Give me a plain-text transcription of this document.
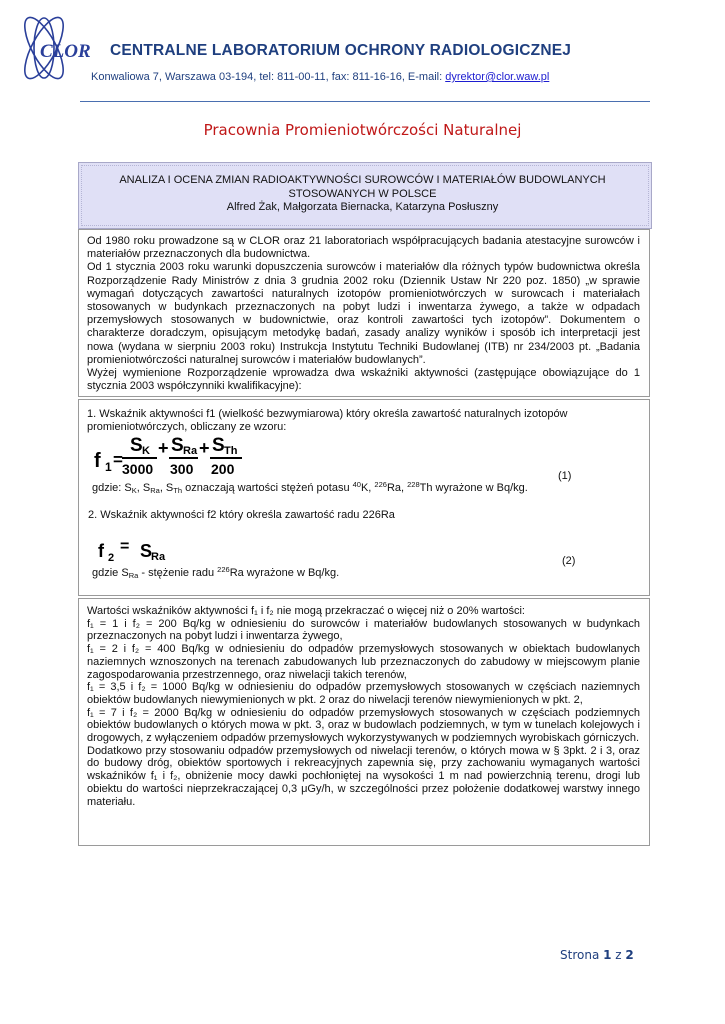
CLOR CENTRALNE LABORATORIUM OCHRONY RADIOLOGICZNEJ
Konwaliowa 7, Warszawa 03-194, tel: 811-00-11, fax: 811-16-16, E-mail: dyrektor@clor.waw.pl
Pracownia Promieniotwórczości Naturalnej
ANALIZA I OCENA ZMIAN RADIOAKTYWNOŚCI SUROWCÓW I MATERIAŁÓW BUDOWLANYCH STOSOWANYCH W POLSCE
Alfred Żak, Małgorzata Biernacka, Katarzyna Posłuszny
Od 1980 roku prowadzone są w CLOR oraz 21 laboratoriach współpracujących badania atestacyjne surowców i materiałów przeznaczonych dla budownictwa.
Od 1 stycznia 2003 roku warunki dopuszczenia surowców i materiałów dla różnych typów budownictwa określa Rozporządzenie Rady Ministrów z dnia 3 grudnia 2002 roku (Dziennik Ustaw Nr 220 poz. 1850) „w sprawie wymagań dotyczących zawartości naturalnych izotopów promieniotwórczych w surowcach i materiałach stosowanych w budynkach przeznaczonych na pobyt ludzi i inwentarza żywego, a także w odpadach przemysłowych stosowanych w budownictwie, oraz kontroli zawartości tych izotopów”. Dokumentem o charakterze doradczym, opisującym metodykę badań, zasady analizy wyników i sposób ich interpretacji jest nowa (wydana w sierpniu 2003 roku) Instrukcja Instytutu Techniki Budowlanej (ITB) nr 234/2003 pt. „Badania promieniotwórczości naturalnej surowców i materiałów budowlanych”.
Wyżej wymienione Rozporządzenie wprowadza dwa wskaźniki aktywności (zastępujące obowiązujące do 1 stycznia 2003 współczynniki kwalifikacyjne):
1. Wskaźnik aktywności f1 (wielkość bezwymiarowa) który określa zawartość naturalnych izotopów promieniotwórczych, obliczany ze wzoru:
f 1 =
S K
3000
+ S Ra
300
+ S Th
200	(1)
gdzie: $S_K$, $S_{Ra}$, $S_{Th}$ oznaczają wartości stężeń potasu $^{40}$K, $^{226}$Ra, $^{228}$Th wyrażone w Bq/kg.
2. Wskaźnik aktywności f2 który określa zawartość radu 226Ra
f 2
= S
Ra	(2)
gdzie $S_{Ra}$ - stężenie radu $^{226}$Ra wyrażone w Bq/kg.

Wartości wskaźników aktywności f₁ i f₂ nie mogą przekraczać o więcej niż o 20% wartości:

f₁ = 1 i f₂ = 200 Bq/kg w odniesieniu do surowców i materiałów budowlanych stosowanych w budynkach przeznaczonych na pobyt ludzi i inwentarza żywego,

f₁ = 2 i f₂ = 400 Bq/kg w odniesieniu do odpadów przemysłowych stosowanych w obiektach budowlanych naziemnych wznoszonych na terenach zabudowanych lub przeznaczonych do zabudowy w miejscowym planie zagospodarowania przestrzennego, oraz niwelacji takich terenów,

f₁ = 3,5 i f₂ = 1000 Bq/kg w odniesieniu do odpadów przemysłowych stosowanych w częściach naziemnych obiektów budowlanych niewymienionych w pkt. 2 oraz do niwelacji terenów niewymienionych w pkt. 2,

f₁ = 7 i f₂ = 2000 Bq/kg w odniesieniu do odpadów przemysłowych stosowanych w częściach podziemnych obiektów budowlanych o których mowa w pkt. 3, oraz w budowlach podziemnych, w tym w tunelach kolejowych i drogowych, z wyłączeniem odpadów przemysłowych wykorzystywanych w podziemnych wyrobiskach górniczych.

Dodatkowo przy stosowaniu odpadów przemysłowych od niwelacji terenów, o których mowa w § 3pkt. 2 i 3, oraz do budowy dróg, obiektów sportowych i rekreacyjnych zapewnia się, przy zachowaniu wymaganych wartości wskaźników f₁ i f₂, obniżenie mocy dawki pochłoniętej na wysokości 1 m nad powierzchnią terenu, drogi lub obiektu do wartości nieprzekraczającej 0,3 μGy/h, w szczególności przez położenie dodatkowej warstwy innego materiału.

Strona 1 z 2
